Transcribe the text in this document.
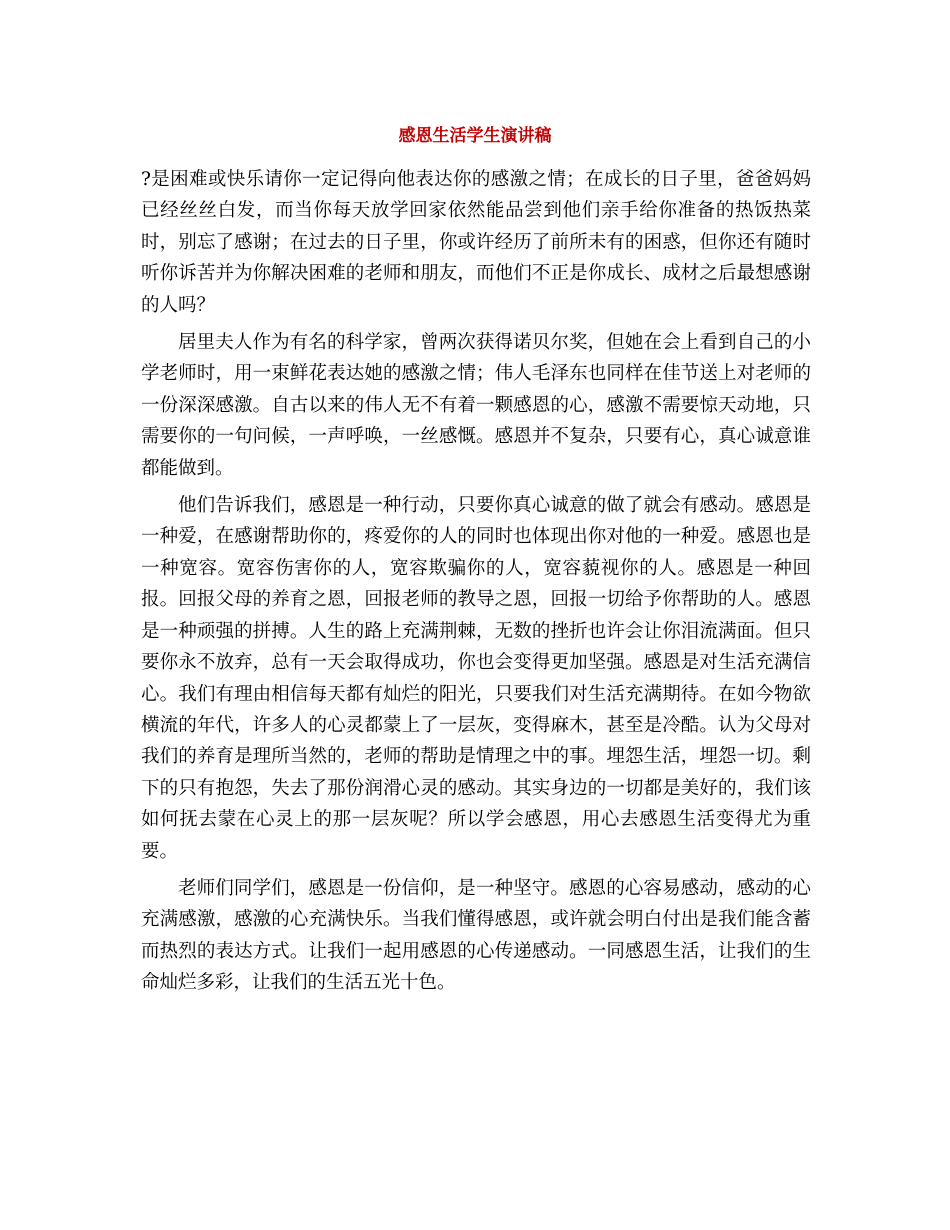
感恩生活学生演讲稿

?是困难或快乐请你一定记得向他表达你的感激之情；在成长的日子里，爸爸妈妈已经丝丝白发，而当你每天放学回家依然能品尝到他们亲手给你准备的热饭热菜时，别忘了感谢；在过去的日子里，你或许经历了前所未有的困惑，但你还有随时听你诉苦并为你解决困难的老师和朋友，而他们不正是你成长、成材之后最想感谢的人吗？

居里夫人作为有名的科学家，曾两次获得诺贝尔奖，但她在会上看到自己的小学老师时，用一束鲜花表达她的感激之情；伟人毛泽东也同样在佳节送上对老师的一份深深感激。自古以来的伟人无不有着一颗感恩的心，感激不需要惊天动地，只需要你的一句问候，一声呼唤，一丝感慨。感恩并不复杂，只要有心，真心诚意谁都能做到。

他们告诉我们，感恩是一种行动，只要你真心诚意的做了就会有感动。感恩是一种爱，在感谢帮助你的，疼爱你的人的同时也体现出你对他的一种爱。感恩也是一种宽容。宽容伤害你的人，宽容欺骗你的人，宽容藐视你的人。感恩是一种回报。回报父母的养育之恩，回报老师的教导之恩，回报一切给予你帮助的人。感恩是一种顽强的拼搏。人生的路上充满荆棘，无数的挫折也许会让你泪流满面。但只要你永不放弃，总有一天会取得成功，你也会变得更加坚强。感恩是对生活充满信心。我们有理由相信每天都有灿烂的阳光，只要我们对生活充满期待。在如今物欲横流的年代，许多人的心灵都蒙上了一层灰，变得麻木，甚至是冷酷。认为父母对我们的养育是理所当然的，老师的帮助是情理之中的事。埋怨生活，埋怨一切。剩下的只有抱怨，失去了那份润滑心灵的感动。其实身边的一切都是美好的，我们该如何抚去蒙在心灵上的那一层灰呢？所以学会感恩，用心去感恩生活变得尤为重要。

老师们同学们，感恩是一份信仰，是一种坚守。感恩的心容易感动，感动的心充满感激，感激的心充满快乐。当我们懂得感恩，或许就会明白付出是我们能含蓄而热烈的表达方式。让我们一起用感恩的心传递感动。一同感恩生活，让我们的生命灿烂多彩，让我们的生活五光十色。
